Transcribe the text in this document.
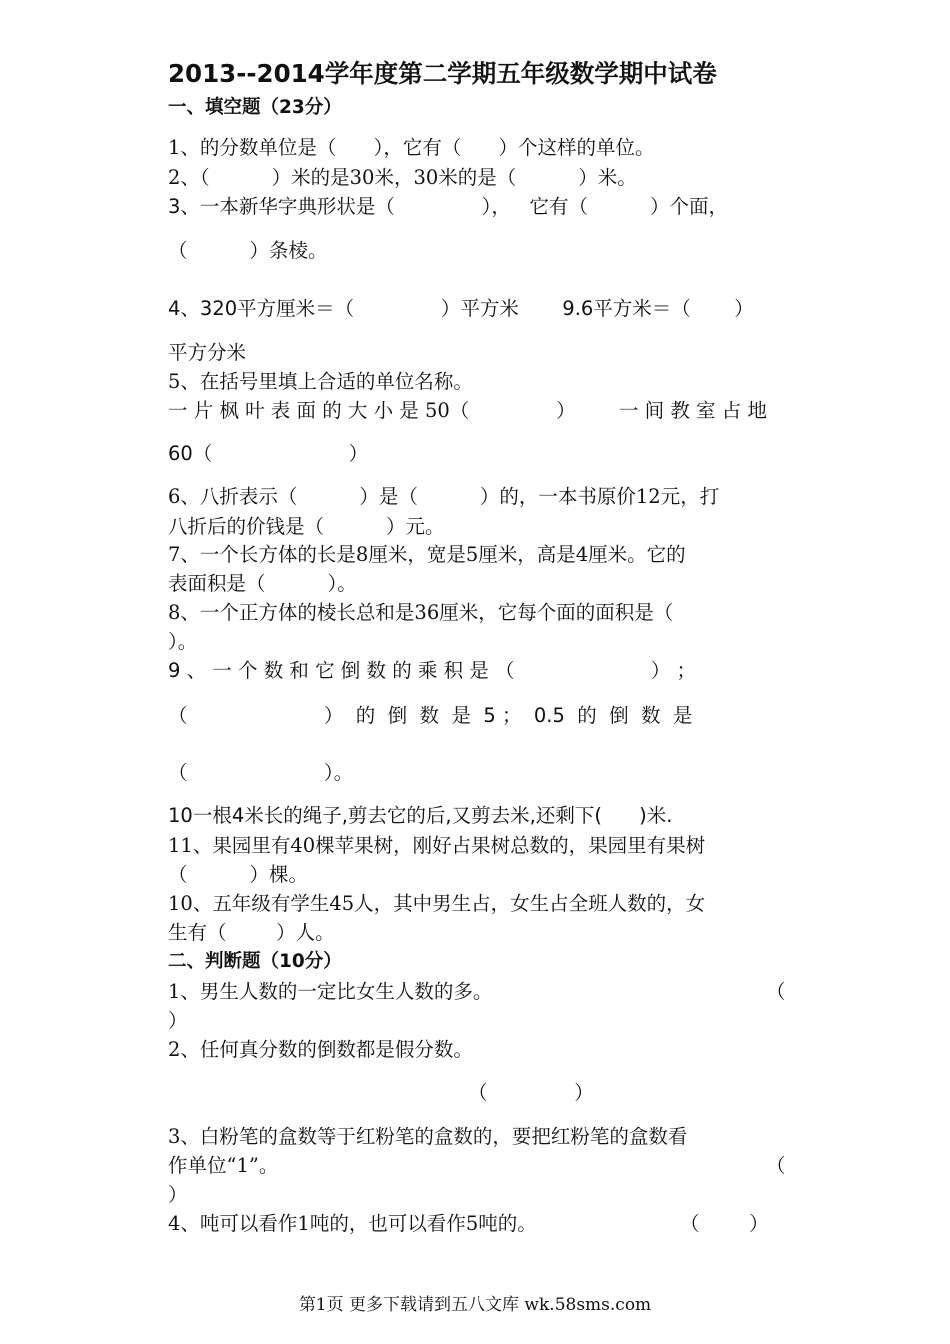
2013--2014学年度第二学期五年级数学期中试卷
一、填空题（23分）
1、的分数单位是（      ），它有（      ）个这样的单位。
2、（          ）米的是30米，30米的是（          ）米。
3、一本新华字典形状是（              ），   它有（          ）个面，
（          ）条棱。
4、320平方厘米＝（              ）平方米       9.6平方米＝（       ）
平方分米
5、在括号里填上合适的单位名称。
一 片 枫 叶 表 面 的 大 小 是 50（              ）       一 间 教 室 占 地
60（                      ）
6、八折表示（          ）是（          ）的，一本书原价12元，打
八折后的价钱是（          ）元。
7、一个长方体的长是8厘米，宽是5厘米，高是4厘米。它的
表面积是（          ）。
8、一个正方体的棱长总和是36厘米，它每个面的面积是（
）。
9 、 一 个 数 和 它 倒 数 的 乘 积 是 （                      ） ；
（                      ）  的  倒  数  是  5 ；  0.5  的  倒  数  是
（                      ）。
10一根4米长的绳子,剪去它的后,又剪去米,还剩下(      )米.
11、果园里有40棵苹果树，刚好占果树总数的，果园里有果树
（          ）棵。
10、五年级有学生45人，其中男生占，女生占全班人数的，女
生有（        ）人。
二、判断题（10分）
1、男生人数的一定比女生人数的多。	（
）
2、任何真分数的倒数都是假分数。
（              ）
3、白粉笔的盒数等于红粉笔的盒数的，要把红粉笔的盒数看
作单位“1”。	（
）
4、吨可以看作1吨的，也可以看作5吨的。	（        ）
第1页 更多下载请到五八文库 wk.58sms.com
